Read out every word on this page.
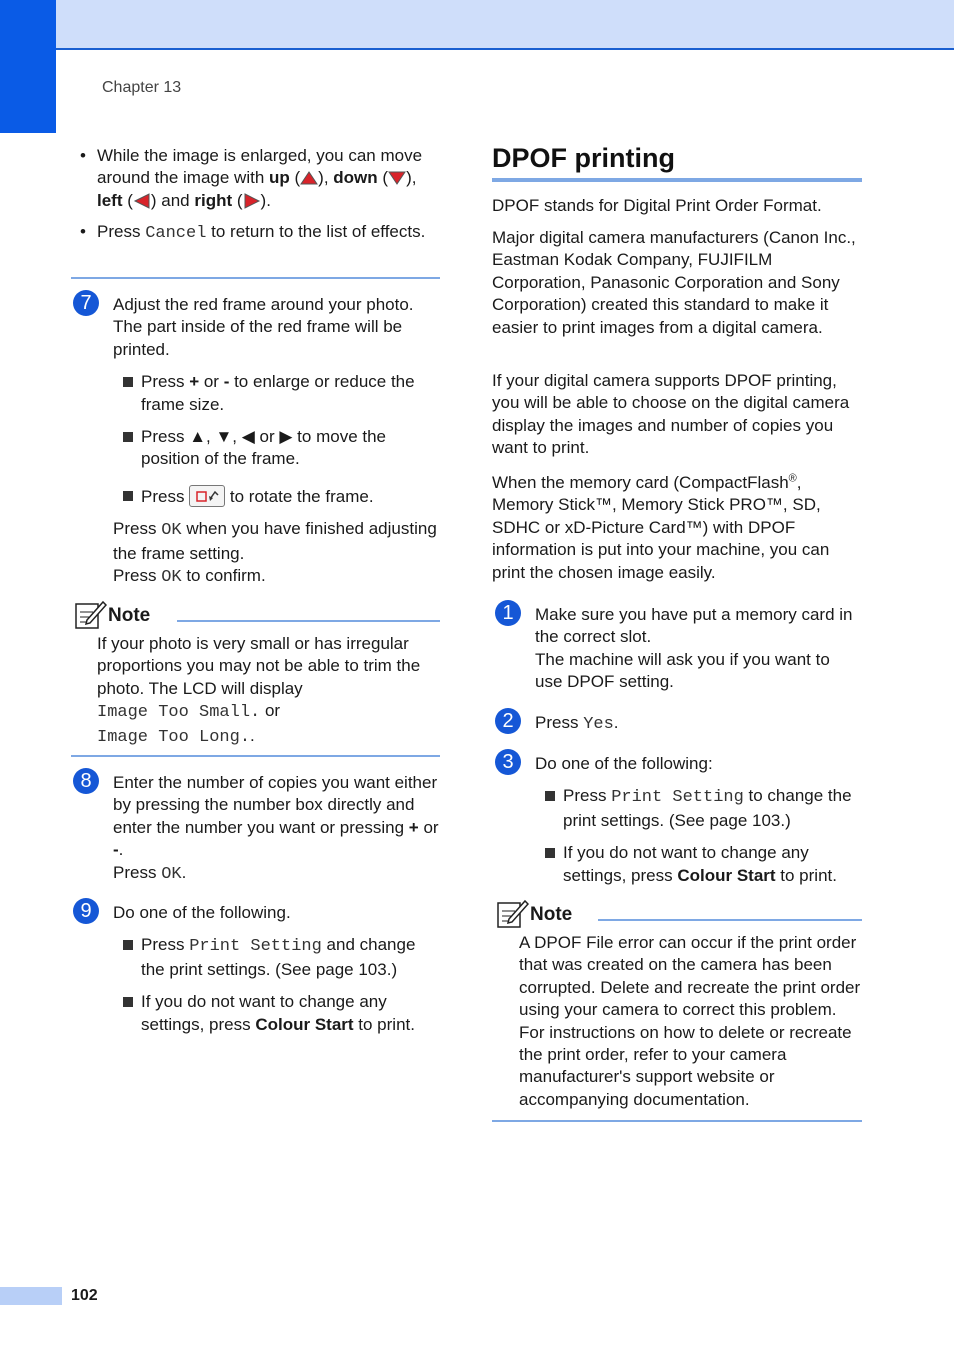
Chapter 13
• While the image is enlarged, you can move around the image with up ( ), down ( ), left ( ) and right ( ).
• Press Cancel to return to the list of effects.
7	Adjust the red frame around your photo. The part inside of the red frame will be printed.
Press + or - to enlarge or reduce the frame size.
Press ▲, ▼, ◀ or ▶ to move the position of the frame.
Press  to rotate the frame.
Press OK when you have finished adjusting the frame setting.
Press OK to confirm.
Note
If your photo is very small or has irregular proportions you may not be able to trim the photo. The LCD will display
Image Too Small. or
Image Too Long..
8	Enter the number of copies you want either by pressing the number box directly and enter the number you want or pressing + or -.
Press OK.
9	Do one of the following.
Press Print Setting and change the print settings. (See page 103.)
If you do not want to change any settings, press Colour Start to print.
DPOF printing
DPOF stands for Digital Print Order Format.
Major digital camera manufacturers (Canon Inc., Eastman Kodak Company, FUJIFILM Corporation, Panasonic Corporation and Sony Corporation) created this standard to make it easier to print images from a digital camera.
If your digital camera supports DPOF printing, you will be able to choose on the digital camera display the images and number of copies you want to print.
When the memory card (CompactFlash®, Memory Stick™, Memory Stick PRO™, SD, SDHC or xD-Picture Card™) with DPOF information is put into your machine, you can print the chosen image easily.
1	Make sure you have put a memory card in the correct slot.
The machine will ask you if you want to use DPOF setting.
2	Press Yes.
3	Do one of the following:
Press Print Setting to change the print settings. (See page 103.)
If you do not want to change any settings, press Colour Start to print.
Note
A DPOF File error can occur if the print order that was created on the camera has been corrupted. Delete and recreate the print order using your camera to correct this problem. For instructions on how to delete or recreate the print order, refer to your camera manufacturer's support website or accompanying documentation.
102
